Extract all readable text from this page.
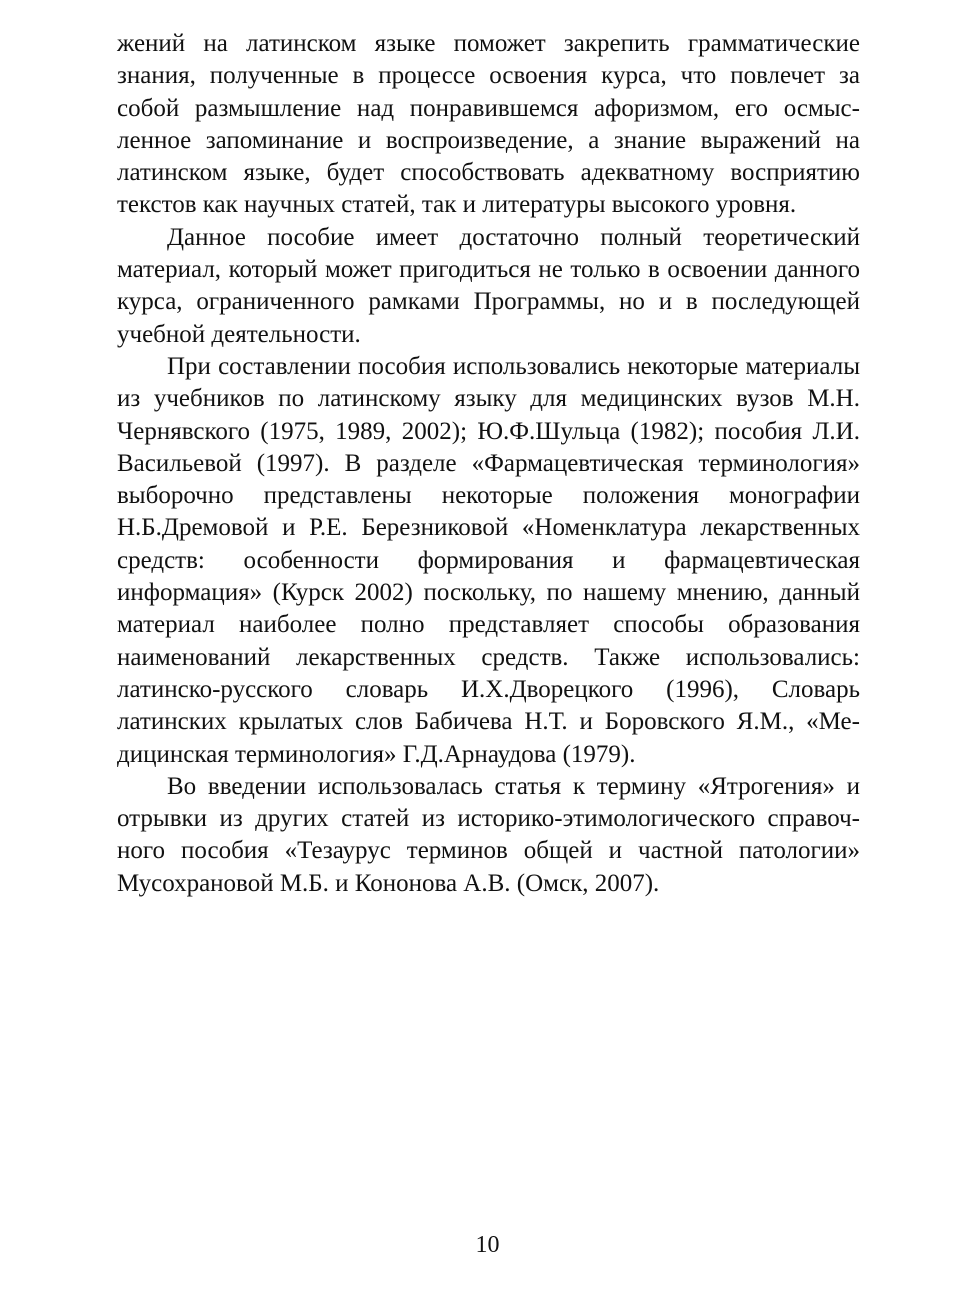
жений на латинском языке поможет закрепить грамматические знания, полученные в процессе освоения курса, что повлечет за собой размышление над понравившемся афоризмом, его осмысленное запоминание и воспроизведение, а знание выражений на латинском языке, будет способствовать адекватному восприятию текстов как научных статей, так и литературы высокого уровня.

Данное пособие имеет достаточно полный теоретический материал, который может пригодиться не только в освоении данного курса, ограниченного рамками Программы, но и в последующей учебной деятельности.

При составлении пособия использовались некоторые материалы из учебников по латинскому языку для медицинских вузов М.Н. Чернявского (1975, 1989, 2002); Ю.Ф.Шульца (1982); пособия Л.И. Васильевой (1997). В разделе «Фармацевтическая терминология» выборочно представлены некоторые положения монографии Н.Б.Дремовой и Р.Е. Березниковой «Номенклатура лекарственных средств: особенности формирования и фармацевтическая информация» (Курск 2002) поскольку, по нашему мнению, данный материал наиболее полно представляет способы образования наименований лекарственных средств. Также использовались: латинско-русского словарь И.Х.Дворецкого (1996), Словарь латинских крылатых слов Бабичева Н.Т. и Боровского Я.М., «Медицинская терминология» Г.Д.Арнаудова (1979).

Во введении использовалась статья к термину «Ятрогения» и отрывки из других статей из историко-этимологического справочного пособия «Тезаурус терминов общей и частной патологии» Мусохрановой М.Б. и Кононова А.В. (Омск, 2007).

10
